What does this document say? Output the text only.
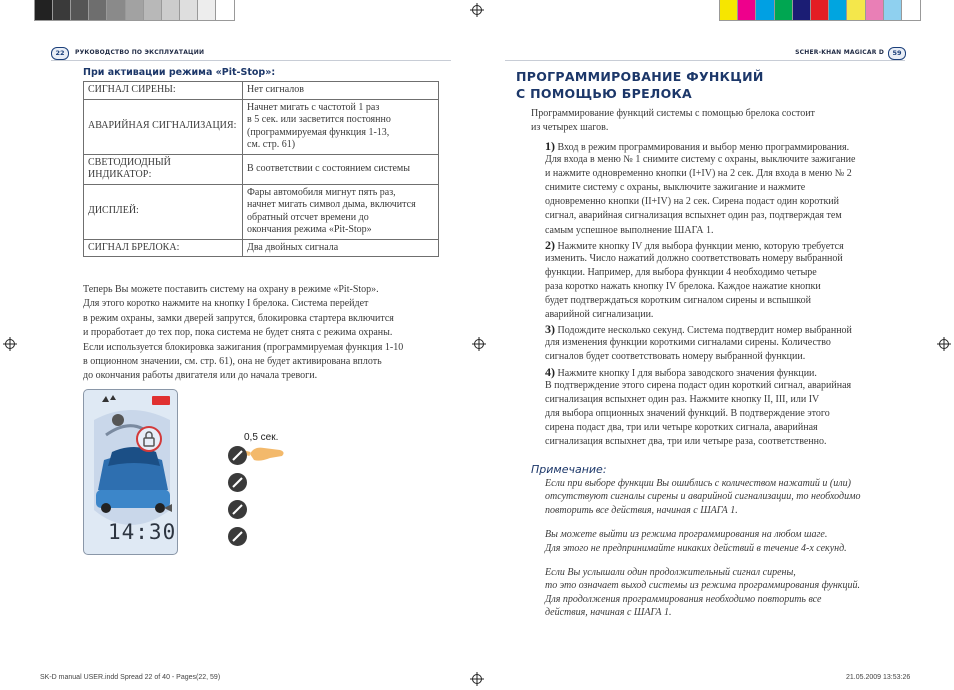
22	РУКОВОДСТВО ПО ЭКСПЛУАТАЦИИ	59
SCHER-KHAN MAGICAR D
При активации режима «Pit-Stop»:
СИГНАЛ СИРЕНЫ:	Нет сигналов

АВАРИЙНАЯ СИГНАЛИЗАЦИЯ:	Начнет мигать с частотой 1 раз
в 5 сек. или засветится постоянно
(программируемая функция 1-13,
см. стр. 61)

СВЕТОДИОДНЫЙ
ИНДИКАТОР:	В соответствии с состоянием системы

ДИСПЛЕЙ:	Фары автомобиля мигнут пять раз,
начнет мигать символ дыма, включится
обратный отсчет времени до
окончания режима «Pit-Stop»

СИГНАЛ БРЕЛОКА:	Два двойных сигнала
Теперь Вы можете поставить систему на охрану в режиме «Pit-Stop».
Для этого коротко нажмите на кнопку I брелока. Система перейдет
в режим охраны, замки дверей запрутся, блокировка стартера включится
и проработает до тех пор, пока система не будет снята с режима охраны.
Если используется блокировка зажигания (программируемая функция 1-10
в опционном значении, см. стр. 61), она не будет активирована вплоть
до окончания работы двигателя или до начала тревоги.
14:30
0,5 сек.
ПРОГРАММИРОВАНИЕ ФУНКЦИЙ
С ПОМОЩЬЮ БРЕЛОКА
Программирование функций системы с помощью брелока состоит
из четырех шагов.
1) Вход в режим программирования и выбор меню программирования.
Для входа в меню № 1 снимите систему с охраны, выключите зажигание
и нажмите одновременно кнопки (I+IV) на 2 сек. Для входа в меню № 2
снимите систему с охраны, выключите зажигание и нажмите
одновременно кнопки (II+IV) на 2 сек. Сирена подаст один короткий
сигнал, аварийная сигнализация вспыхнет один раз, подтверждая тем
самым успешное выполнение ШАГА 1.
2) Нажмите кнопку IV для выбора функции меню, которую требуется
изменить. Число нажатий должно соответствовать номеру выбранной
функции. Например, для выбора функции 4 необходимо четыре
раза коротко нажать кнопку IV брелока. Каждое нажатие кнопки
будет подтверждаться коротким сигналом сирены и вспышкой
аварийной сигнализации.
3) Подождите несколько секунд. Система подтвердит номер выбранной
для изменения функции короткими сигналами сирены. Количество
сигналов будет соответствовать номеру выбранной функции.
4) Нажмите кнопку I для выбора заводского значения функции.
В подтверждение этого сирена подаст один короткий сигнал, аварийная
сигнализация вспыхнет один раз. Нажмите кнопку II, III, или IV
для выбора опционных значений функций. В подтверждение этого
сирена подаст два, три или четыре коротких сигнала, аварийная
сигнализация вспыхнет два, три или четыре раза, соответственно.
Примечание:
Если при выборе функции Вы ошиблись с количеством нажатий и (или)
отсутствуют сигналы сирены и аварийной сигнализации, то необходимо
повторить все действия, начиная с ШАГА 1.
Вы можете выйти из режима программирования на любом шаге.
Для этого не предпринимайте никаких действий в течение 4-х секунд.
Если Вы услышали один продолжительный сигнал сирены,
то это означает выход системы из режима программирования функций.
Для продолжения программирования необходимо повторить все
действия, начиная с ШАГА 1.
SK-D manual USER.indd Spread 22 of 40 - Pages(22, 59)	21.05.2009 13:53:26
